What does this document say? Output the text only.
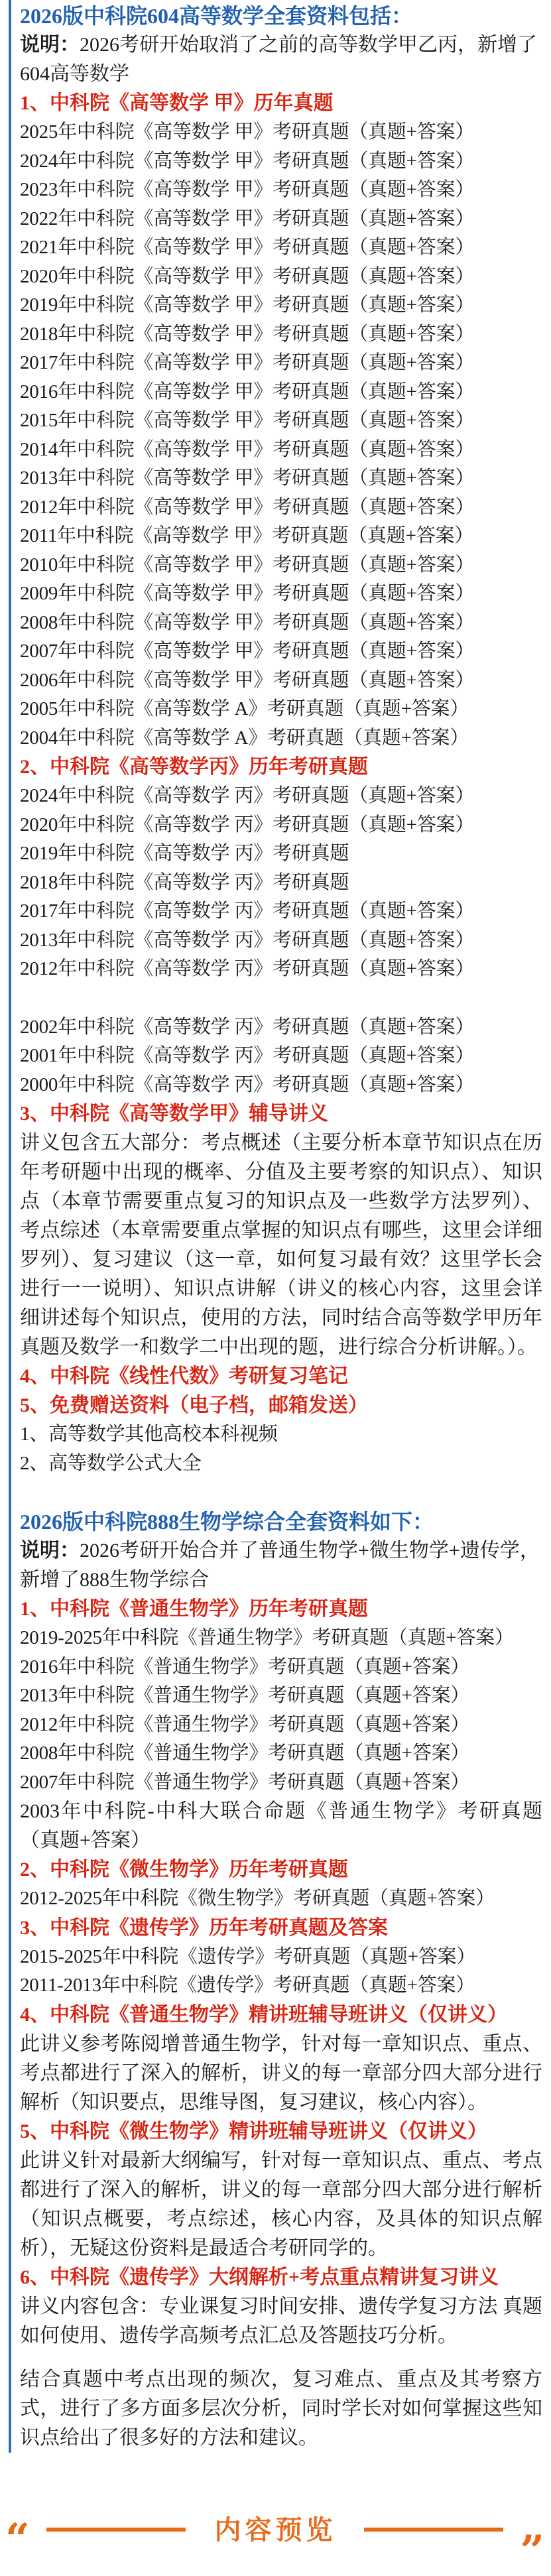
2026版中科院604高等数学全套资料包括：
说明：2026考研开始取消了之前的高等数学甲乙丙，新增了604高等数学
1、中科院《高等数学 甲》历年真题
2025年中科院《高等数学 甲》考研真题（真题+答案）
2024年中科院《高等数学 甲》考研真题（真题+答案）
2023年中科院《高等数学 甲》考研真题（真题+答案）
2022年中科院《高等数学 甲》考研真题（真题+答案）
2021年中科院《高等数学 甲》考研真题（真题+答案）
2020年中科院《高等数学 甲》考研真题（真题+答案）
2019年中科院《高等数学 甲》考研真题（真题+答案）
2018年中科院《高等数学 甲》考研真题（真题+答案）
2017年中科院《高等数学 甲》考研真题（真题+答案）
2016年中科院《高等数学 甲》考研真题（真题+答案）
2015年中科院《高等数学 甲》考研真题（真题+答案）
2014年中科院《高等数学 甲》考研真题（真题+答案）
2013年中科院《高等数学 甲》考研真题（真题+答案）
2012年中科院《高等数学 甲》考研真题（真题+答案）
2011年中科院《高等数学 甲》考研真题（真题+答案）
2010年中科院《高等数学 甲》考研真题（真题+答案）
2009年中科院《高等数学 甲》考研真题（真题+答案）
2008年中科院《高等数学 甲》考研真题（真题+答案）
2007年中科院《高等数学 甲》考研真题（真题+答案）
2006年中科院《高等数学 甲》考研真题（真题+答案）
2005年中科院《高等数学 A》考研真题（真题+答案）
2004年中科院《高等数学 A》考研真题（真题+答案）
2、中科院《高等数学丙》历年考研真题
2024年中科院《高等数学 丙》考研真题（真题+答案）
2020年中科院《高等数学 丙》考研真题（真题+答案）
2019年中科院《高等数学 丙》考研真题
2018年中科院《高等数学 丙》考研真题
2017年中科院《高等数学 丙》考研真题（真题+答案）
2013年中科院《高等数学 丙》考研真题（真题+答案）
2012年中科院《高等数学 丙》考研真题（真题+答案）
2002年中科院《高等数学 丙》考研真题（真题+答案）
2001年中科院《高等数学 丙》考研真题（真题+答案）
2000年中科院《高等数学 丙》考研真题（真题+答案）
3、中科院《高等数学甲》辅导讲义
讲义包含五大部分：考点概述（主要分析本章节知识点在历年考研题中出现的概率、分值及主要考察的知识点）、知识点（本章节需要重点复习的知识点及一些数学方法罗列）、考点综述（本章需要重点掌握的知识点有哪些，这里会详细罗列）、复习建议（这一章，如何复习最有效？这里学长会进行一一说明）、知识点讲解（讲义的核心内容，这里会详细讲述每个知识点，使用的方法，同时结合高等数学甲历年真题及数学一和数学二中出现的题，进行综合分析讲解。）。
4、中科院《线性代数》考研复习笔记
5、免费赠送资料（电子档，邮箱发送）
1、高等数学其他高校本科视频
2、高等数学公式大全
2026版中科院888生物学综合全套资料如下：
说明：2026考研开始合并了普通生物学+微生物学+遗传学，新增了888生物学综合
1、中科院《普通生物学》历年考研真题
2019-2025年中科院《普通生物学》考研真题（真题+答案）
2016年中科院《普通生物学》考研真题（真题+答案）
2013年中科院《普通生物学》考研真题（真题+答案）
2012年中科院《普通生物学》考研真题（真题+答案）
2008年中科院《普通生物学》考研真题（真题+答案）
2007年中科院《普通生物学》考研真题（真题+答案）
2003年中科院-中科大联合命题《普通生物学》考研真题（真题+答案）
2、中科院《微生物学》历年考研真题
2012-2025年中科院《微生物学》考研真题（真题+答案）
3、中科院《遗传学》历年考研真题及答案
2015-2025年中科院《遗传学》考研真题（真题+答案）
2011-2013年中科院《遗传学》考研真题（真题+答案）
4、中科院《普通生物学》精讲班辅导班讲义（仅讲义）
此讲义参考陈阅增普通生物学，针对每一章知识点、重点、考点都进行了深入的解析，讲义的每一章部分四大部分进行解析（知识要点，思维导图，复习建议，核心内容）。
5、中科院《微生物学》精讲班辅导班讲义（仅讲义）
此讲义针对最新大纲编写，针对每一章知识点、重点、考点都进行了深入的解析，讲义的每一章部分四大部分进行解析（知识点概要，考点综述，核心内容，及具体的知识点解析），无疑这份资料是最适合考研同学的。
6、中科院《遗传学》大纲解析+考点重点精讲复习讲义
讲义内容包含：专业课复习时间安排、遗传学复习方法 真题如何使用、遗传学高频考点汇总及答题技巧分析。
结合真题中考点出现的频次，复习难点、重点及其考察方式，进行了多方面多层次分析，同时学长对如何掌握这些知识点给出了很多好的方法和建议。
“	内容预览	”
